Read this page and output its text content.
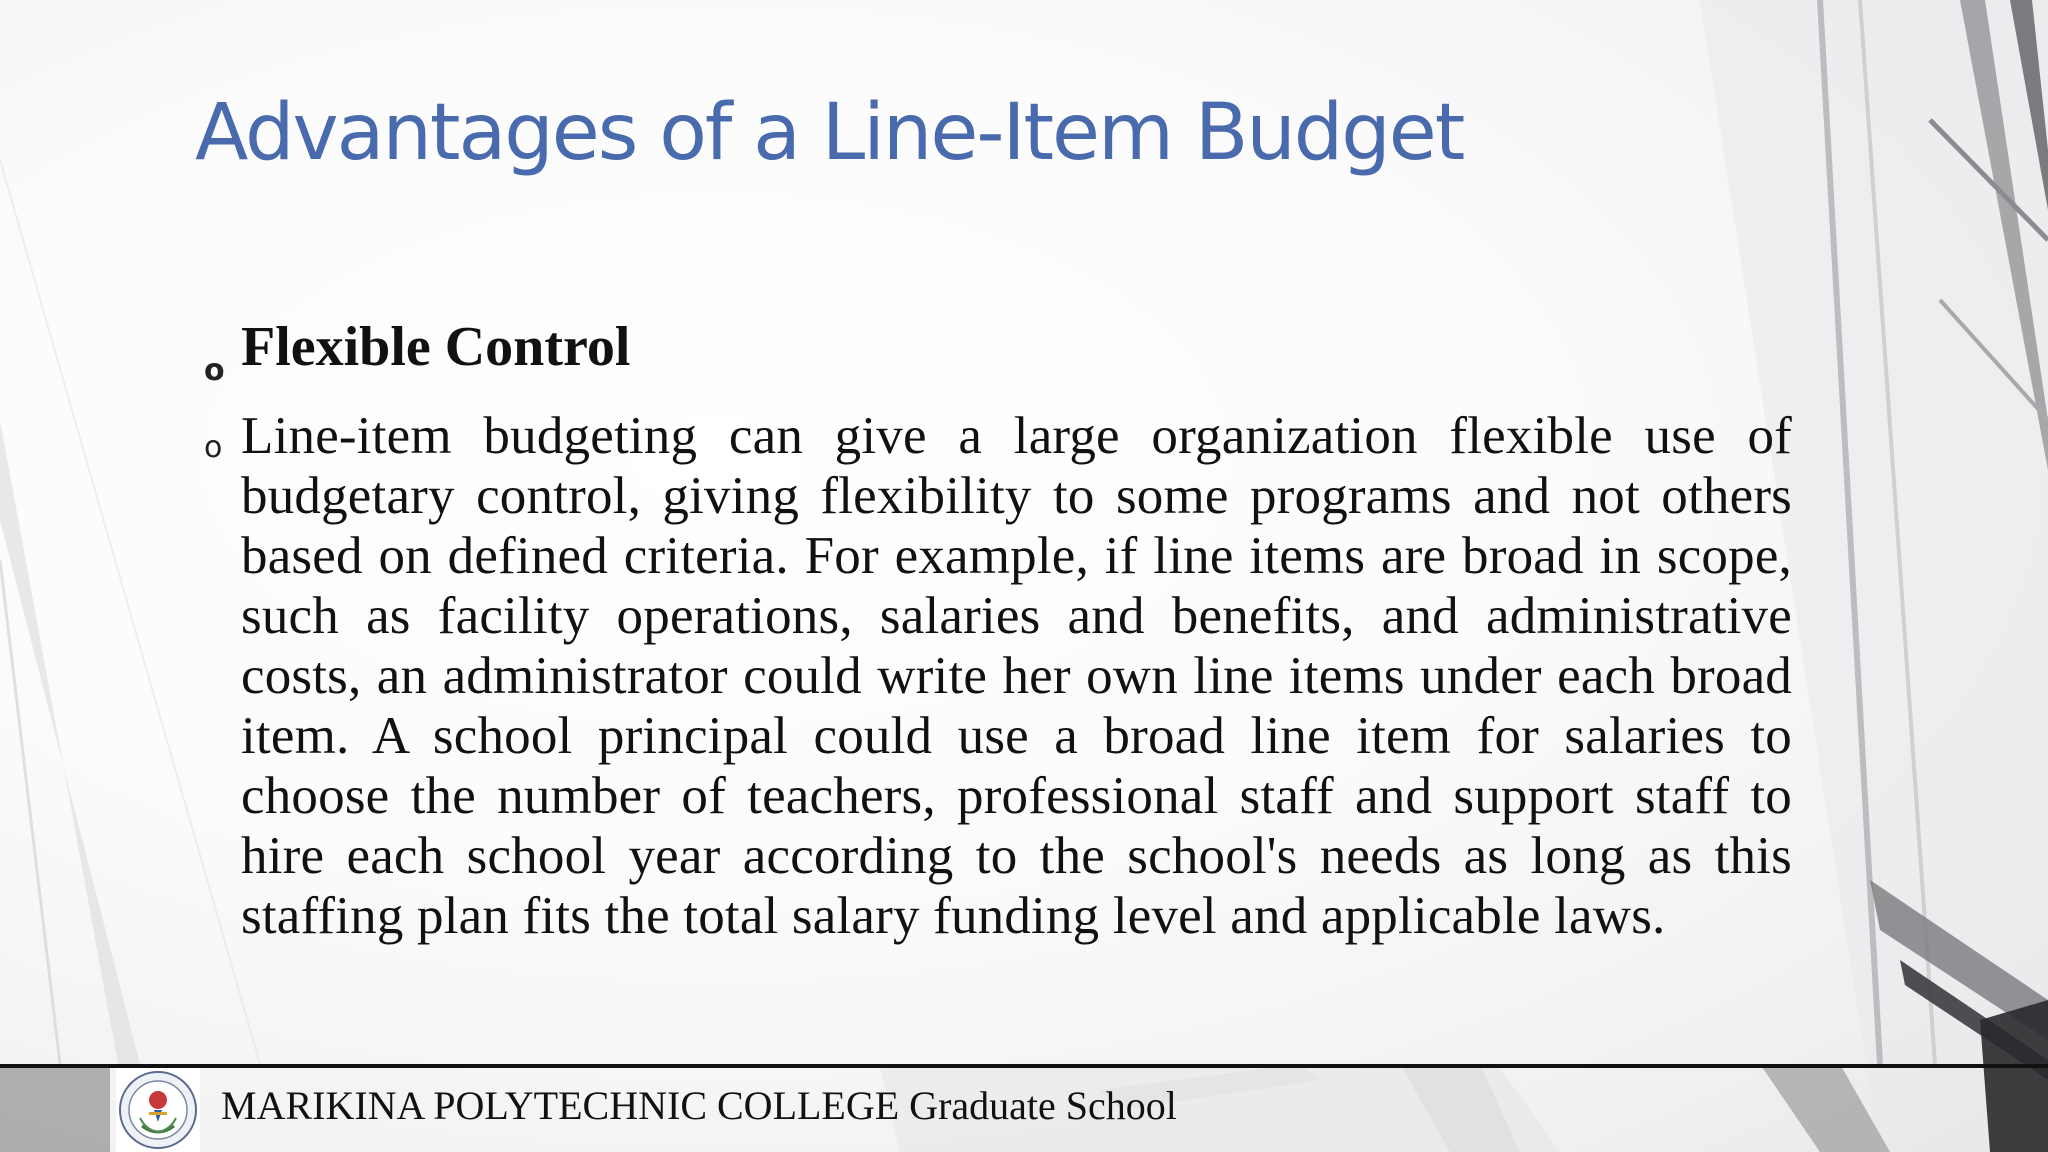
Advantages of a Line-Item Budget
o Flexible Control
o Line-item budgeting can give a large organization flexible use of budgetary control, giving flexibility to some programs and not others based on defined criteria. For example, if line items are broad in scope, such as facility operations, salaries and benefits, and administrative costs, an administrator could write her own line items under each broad item. A school principal could use a broad line item for salaries to choose the number of teachers, professional staff and support staff to hire each school year according to the school's needs as long as this staffing plan fits the total salary funding level and applicable laws.
MARIKINA POLYTECHNIC COLLEGE Graduate School
